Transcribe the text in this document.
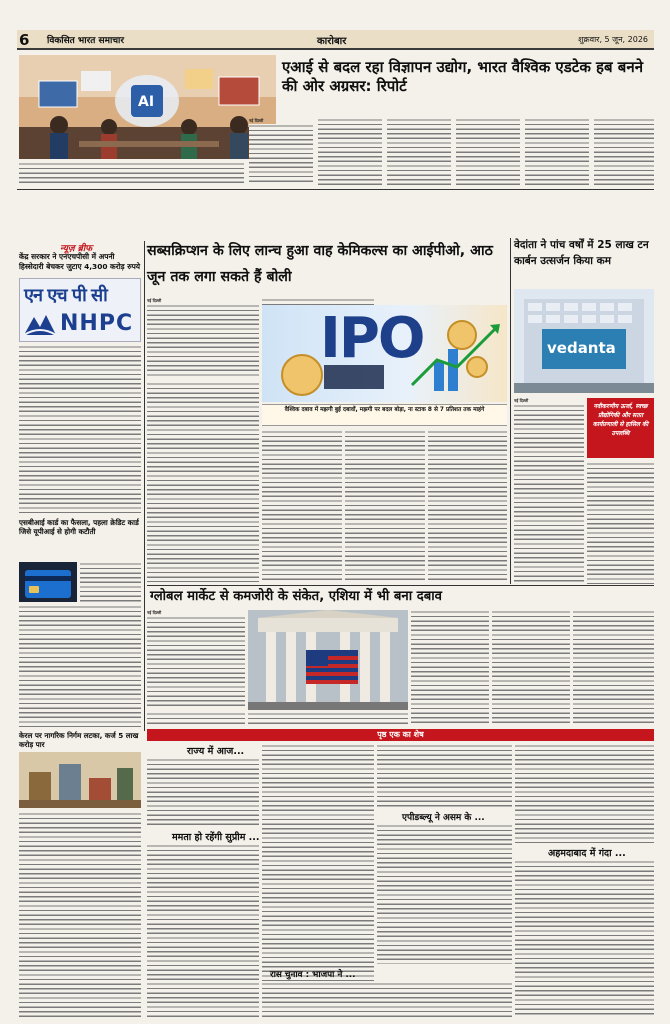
6 विकसित भारत समाचार	कारोबार	शुक्रवार, 5 जून, 2026
AI
एआई से बदल रहा विज्ञापन उद्योग, भारत वैश्विक एडटेक हब बनने की ओर अग्रसर: रिपोर्ट
नई दिल्ली
न्यूज़ ब्रीफ
केंद्र सरकार ने एनएचपीसी में अपनी हिस्सेदारी बेचकर जुटाए 4,300 करोड़ रुपये
एन एच पी सी
NHPC
एसबीआई कार्ड का फैसला, पहला क्रेडिट कार्ड जिसे यूपीआई से होगी कटौती
केरल पर नागरिक निर्गम लटका, कर्ज 5 लाख करोड़ पार
सब्सक्रिप्शन के लिए लान्च हुआ वाह केमिकल्स का आईपीओ, आठ जून तक लगा सकते हैं बोली
नई दिल्ली
IPO
वैश्विक दबाव में मझगी बुई दबावों, मझगी पर बदल बोड़ा, ना स्टाक 8 से 7 प्रतिशत तक माहंगे
वेदांता ने पांच वर्षों में 25 लाख टन कार्बन उत्सर्जन किया कम
vedanta
नई दिल्ली
नवीकरणीय ऊर्जा, स्वच्छ प्रौद्योगिकी और सतत कार्यप्रणाली से हासिल की उपलब्धि
ग्लोबल मार्केट से कमजोरी के संकेत, एशिया में भी बना दबाव
नई दिल्ली
पृष्ठ एक का शेष
राज्य में आज...
ममता हो रहेंगी सुप्रीम ...
एपीडब्ल्यू ने असम के ...
रास चुनाव : भाजपा ने ...
अहमदाबाद में गंदा ...
